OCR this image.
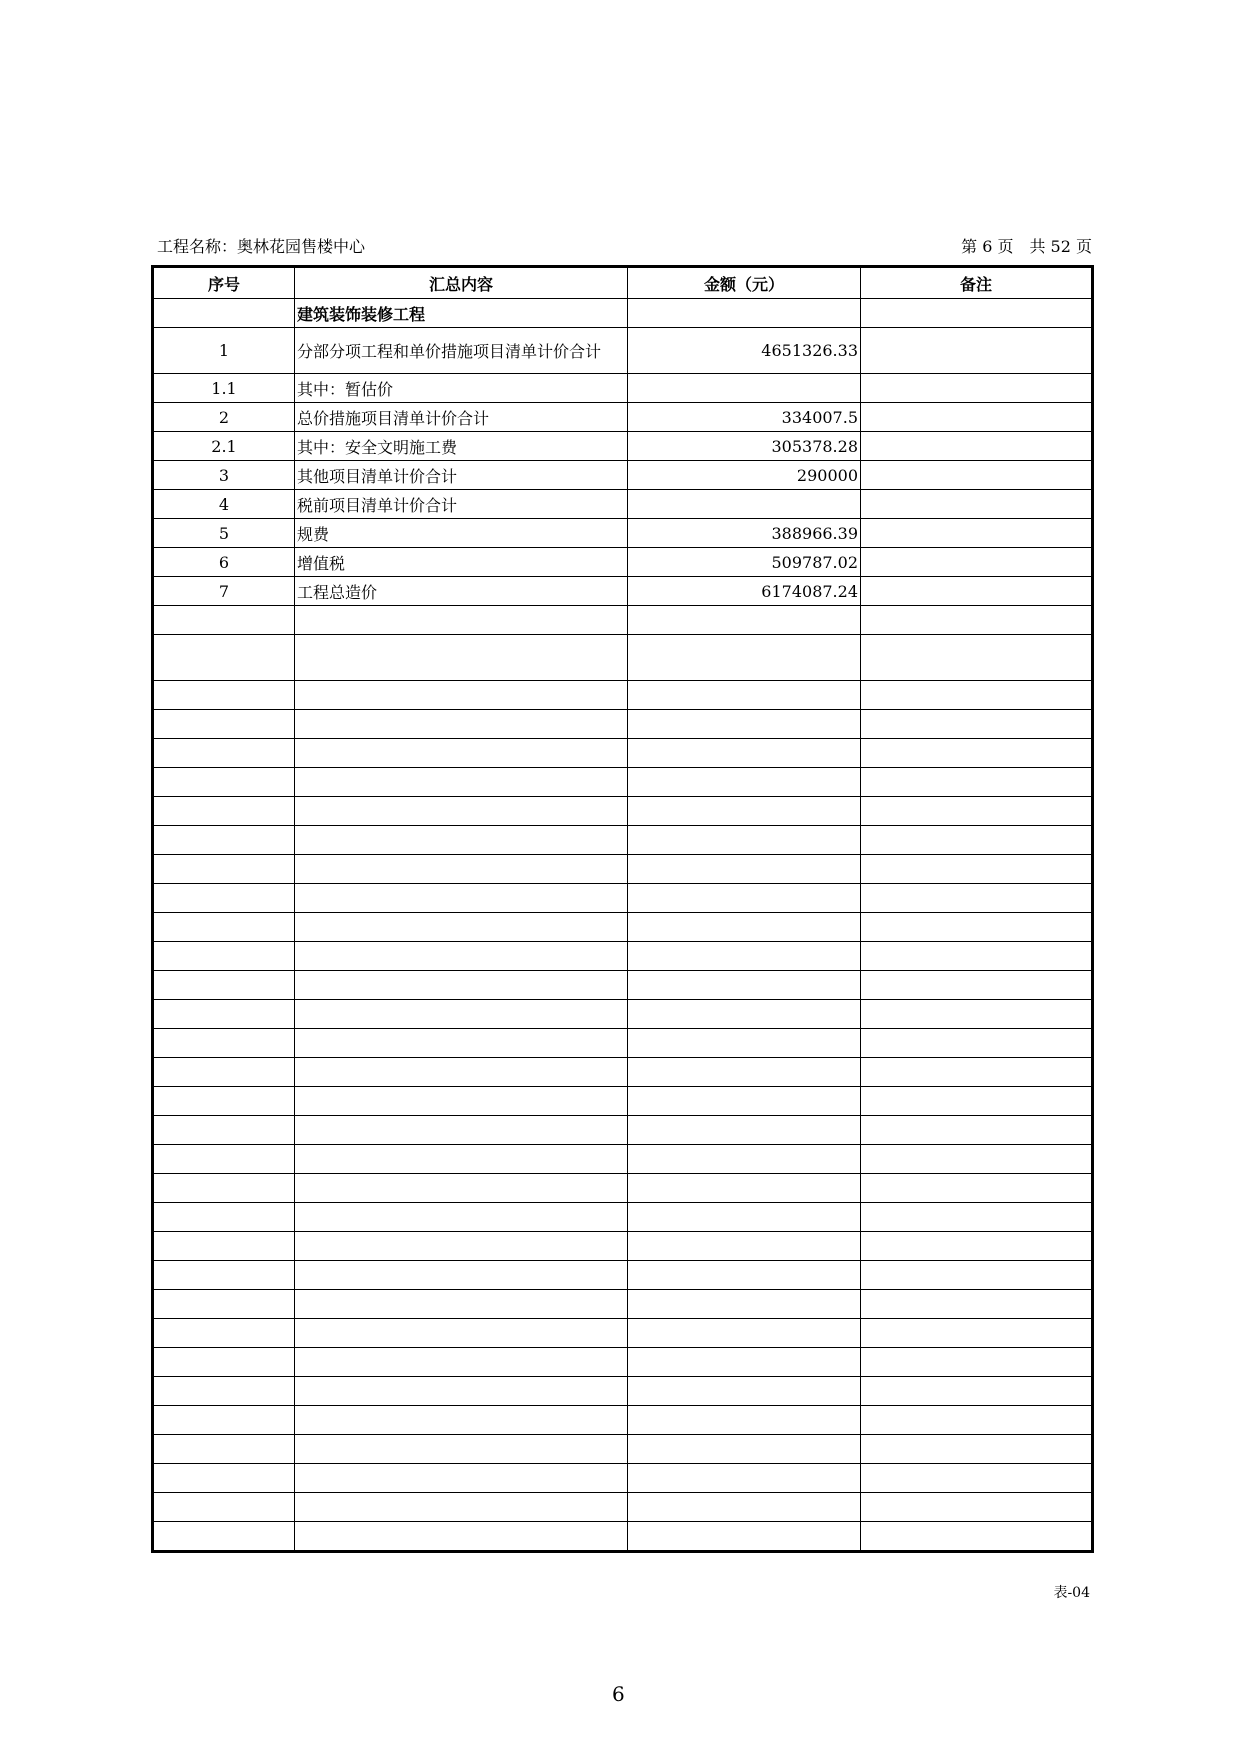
工程名称：奥林花园售楼中心	第 6 页　共 52 页
序号	汇总内容	金额（元）	备注
	建筑装饰装修工程		
1	分部分项工程和单价措施项目清单计价合计	4651326.33	
1.1	其中：暂估价		
2	总价措施项目清单计价合计	334007.5	
2.1	其中：安全文明施工费	305378.28	
3	其他项目清单计价合计	290000	
4	税前项目清单计价合计		
5	规费	388966.39	
6	增值税	509787.02	
7	工程总造价	6174087.24	

表-04
6
